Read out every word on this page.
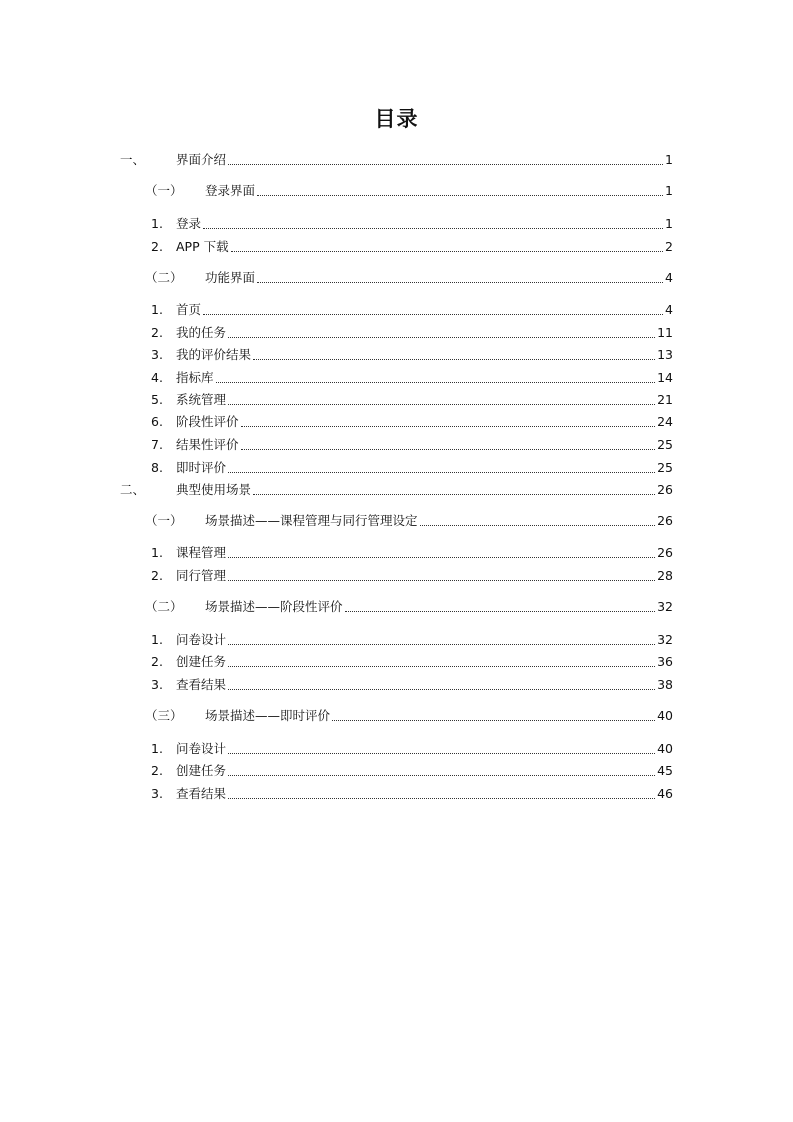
目录
一、	界面介绍	1
（一）	登录界面	1
1.	登录	1
2.	APP 下载	2
（二）	功能界面	4
1.	首页	4
2.	我的任务	11
3.	我的评价结果	13
4.	指标库	14
5.	系统管理	21
6.	阶段性评价	24
7.	结果性评价	25
8.	即时评价	25
二、	典型使用场景	26
（一）	场景描述——课程管理与同行管理设定	26
1.	课程管理	26
2.	同行管理	28
（二）	场景描述——阶段性评价	32
1.	问卷设计	32
2.	创建任务	36
3.	查看结果	38
（三）	场景描述——即时评价	40
1.	问卷设计	40
2.	创建任务	45
3.	查看结果	46
